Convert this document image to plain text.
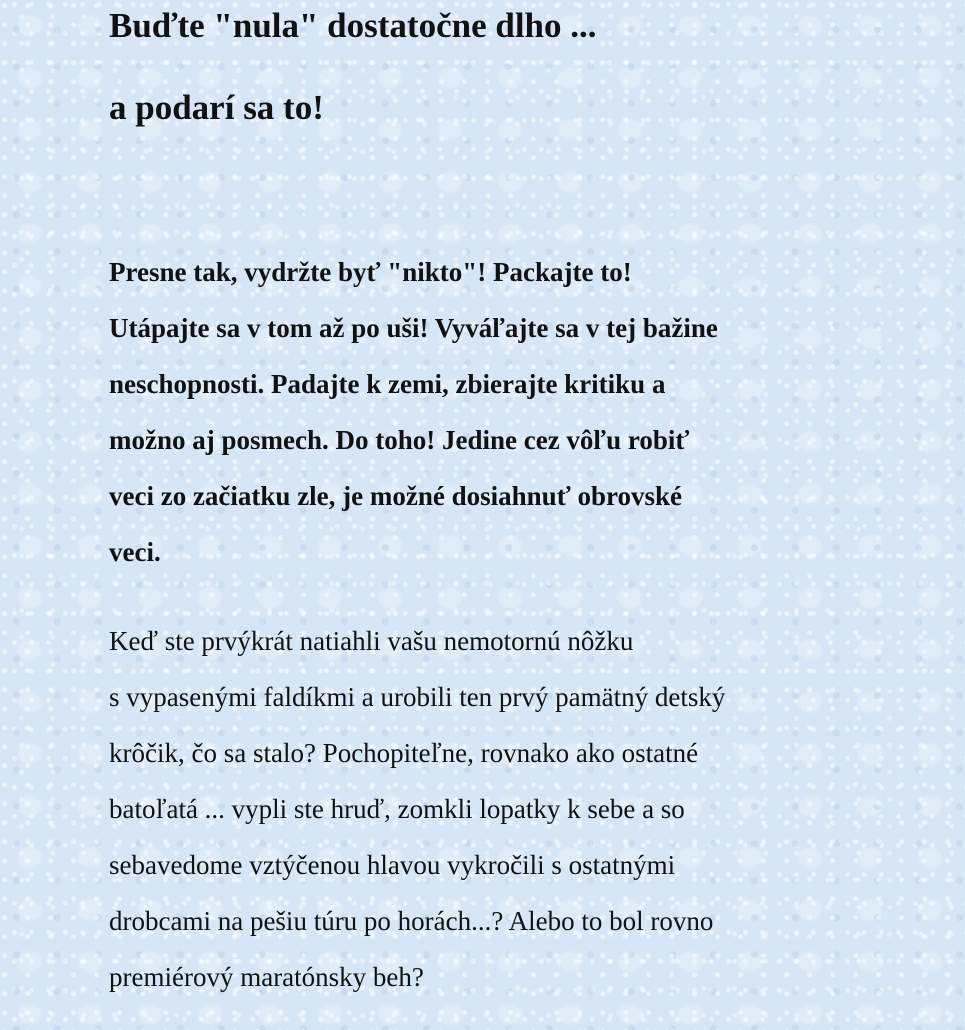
Buďte "nula" dostatočne dlho ...
a podarí sa to!

Presne tak, vydržte byť "nikto"! Packajte to!
Utápajte sa v tom až po uši! Vyváľajte sa v tej bažine
neschopnosti. Padajte k zemi, zbierajte kritiku a
možno aj posmech. Do toho! Jedine cez vôľu robiť
veci zo začiatku zle, je možné dosiahnuť obrovské
veci.

Keď ste prvýkrát natiahli vašu nemotornú nôžku
s vypasenými faldíkmi a urobili ten prvý pamätný detský
krôčik, čo sa stalo? Pochopiteľne, rovnako ako ostatné
batoľatá ... vypli ste hruď, zomkli lopatky k sebe a so
sebavedome vztýčenou hlavou vykročili s ostatnými
drobcami na pešiu túru po horách...? Alebo to bol rovno
premiérový maratónsky beh?
